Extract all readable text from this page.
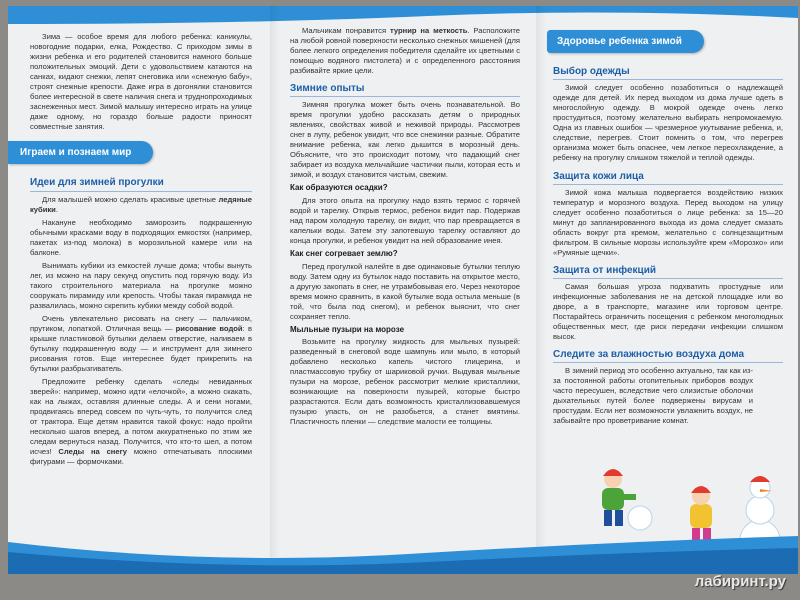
Зима — особое время для любого ребенка: каникулы, новогодние подарки, елка, Рождество. С приходом зимы в жизни ребенка и его родителей становится намного больше положительных эмоций. Дети с удовольствием катаются на санках, кидают снежки, лепят снеговика или «снежную бабу», строят снежные крепости. Даже игра в догонялки становится более интересной в свете наличия снега и труднопроходимых заснеженных мест. Зимой малышу интересно играть на улице даже одному, но гораздо больше радости приносят совместные занятия.

Играем и познаем мир
Идеи для зимней прогулки

Для малышей можно сделать красивые цветные ледяные кубики.

Накануне необходимо заморозить подкрашенную обычными красками воду в подходящих емкостях (например, пакетах из-под молока) в морозильной камере или на балконе.

Вынимать кубики из емкостей лучше дома; чтобы вынуть лег, из можно на пару секунд опустить под горячую воду. Из такого строительного материала на прогулке можно сооружать пирамиду или крепость. Чтобы такая пирамида не развалилась, можно скрепить кубики между собой водой.

Очень увлекательно рисовать на снегу — пальчиком, прутиком, лопаткой. Отличная вещь — рисование водой: в крышке пластиковой бутылки делаем отверстие, наливаем в бутылку подкрашенную воду — и инструмент для зимнего рисования готов. Еще интереснее будет прикрепить на бутылки разбрызгиватель.

Предложите ребенку сделать «следы невиданных зверей»: например, можно идти «елочкой», а можно скакать, как на лыжах, оставляя длинные следы. А и сени ногами, продвигаясь вперед совсем по чуть-чуть, то получится след от трактора. Еще детям нравится такой фокус: надо пройти несколько шагов вперед, а потом аккуратненько по этим же следам вернуться назад. Получится, что кто-то шел, а потом исчез! Следы на снегу можно отпечатывать плоскими фигурами — формочками.

Мальчикам понравится турнир на меткость. Расположите на любой ровной поверхности несколько снежных мишеней (для более легкого определения победителя сделайте их цветными с помощью водяного пистолета) и с определенного расстояния разбивайте яркие цели.

Зимние опыты

Зимняя прогулка может быть очень познавательной. Во время прогулки удобно рассказать детям о природных явлениях, свойствах живой и неживой природы. Рассмотрев снег в лупу, ребенок увидит, что все снежинки разные. Обратите внимание ребенка, как легко дышится в морозный день. Объясните, что это происходит потому, что падающий снег забирает из воздуха мельчайшие частички пыли, которая есть и зимой, и воздух становится чистым, свежим.

Как образуются осадки?

Для этого опыта на прогулку надо взять термос с горячей водой и тарелку. Открыв термос, ребенок видит пар. Подержав над паром холодную тарелку, он видит, что пар превращается в капельки воды. Затем эту запотевшую тарелку оставляют до конца прогулки, и ребенок увидит на ней образование инея.

Как снег согревает землю?

Перед прогулкой налейте в две одинаковые бутылки теплую воду. Затем одну из бутылок надо поставить на открытое место, а другую закопать в снег, не утрамбовывая его. Через некоторое время можно сравнить, в какой бутылке вода остыла меньше (в той, что была под снегом), и ребенок выяснит, что снег сохраняет тепло.

Мыльные пузыри на морозе

Возьмите на прогулку жидкость для мыльных пузырей: разведенный в снеговой воде шампунь или мыло, в который добавлено несколько капель чистого глицерина, и пластмассовую трубку от шариковой ручки. Выдувая мыльные пузыри на морозе, ребенок рассмотрит мелкие кристаллики, возникающие на поверхности пузырей, которые быстро разрастаются. Если дать возможность кристаллизовавшемуся пузырю упасть, он не разобьется, а станет вмятины. Пластичность пленки — следствие малости ее толщины.

Здоровье ребенка зимой
Выбор одежды

Зимой следует особенно позаботиться о надлежащей одежде для детей. Их перед выходом из дома лучше одеть в многослойную одежду. В мокрой одежде очень легко простудиться, поэтому желательно выбирать непромокаемую. Одна из главных ошибок — чрезмерное укутывание ребенка, и, следствие, перегрев. Стоит помнить о том, что перегрев организма может быть опаснее, чем легкое переохлаждение, а ребенку на прогулку слишком тяжелой и теплой одежды.

Защита кожи лица

Зимой кожа малыша подвергается воздействию низких температур и морозного воздуха. Перед выходом на улицу следует особенно позаботиться о лице ребенка: за 15—20 минут до запланированного выхода из дома следует смазать область вокруг рта кремом, желательно с солнцезащитным фильтром. В сильные морозы используйте крем «Морозко» или «Румяные щечки».

Защита от инфекций

Самая большая угроза подхватить простудные или инфекционные заболевания не на детской площадке или во дворе, а в транспорте, магазине или торговом центре. Постарайтесь ограничить посещения с ребенком многолюдных общественных мест, где риск передачи инфекции слишком высок.

Следите за влажностью воздуха дома

В зимний период это особенно актуально, так как из-за постоянной работы отопительных приборов воздух часто пересушен, вследствие чего слизистые оболочки дыхательных путей более подвержены вирусам и простудам. Если нет возможности увлажнить воздух, не забывайте про проветривание комнат.

лабиринт.ру
